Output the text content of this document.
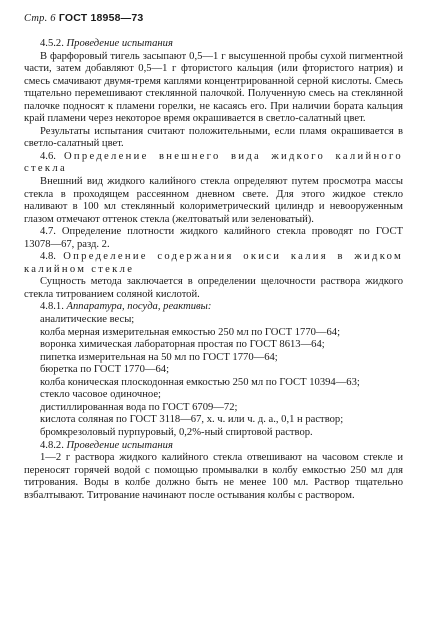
Стр. 6 ГОСТ 18958—73

4.5.2. Проведение испытания

В фарфоровый тигель засыпают 0,5—1 г высушенной пробы сухой пигментной части, затем добавляют 0,5—1 г фтористого кальция (или фтористого натрия) и смесь смачивают двумя-тремя каплями концентрированной серной кислоты. Смесь тщательно перемешивают стеклянной палочкой. Полученную смесь на стеклянной палочке подносят к пламени горелки, не касаясь его. При наличии бората кальция край пламени через некоторое время окрашивается в светло-салатный цвет.

Результаты испытания считают положительными, если пламя окрашивается в светло-салатный цвет.

4.6. Определение внешнего вида жидкого калийного стекла

Внешний вид жидкого калийного стекла определяют путем просмотра массы стекла в проходящем рассеянном дневном свете. Для этого жидкое стекло наливают в 100 мл стеклянный колориметрический цилиндр и невооруженным глазом отмечают оттенок стекла (желтоватый или зеленоватый).

4.7. Определение плотности жидкого калийного стекла проводят по ГОСТ 13078—67, разд. 2.

4.8. Определение содержания окиси калия в жидком калийном стекле

Сущность метода заключается в определении щелочности раствора жидкого стекла титрованием соляной кислотой.

4.8.1. Аппаратура, посуда, реактивы:

аналитические весы;

колба мерная измерительная емкостью 250 мл по ГОСТ 1770—64;

воронка химическая лабораторная простая по ГОСТ 8613—64;

пипетка измерительная на 50 мл по ГОСТ 1770—64;

бюретка по ГОСТ 1770—64;

колба коническая плоскодонная емкостью 250 мл по ГОСТ 10394—63;

стекло часовое одиночное;

дистиллированная вода по ГОСТ 6709—72;

кислота соляная по ГОСТ 3118—67, х. ч. или ч. д. а., 0,1 н раствор;

бромкрезоловый пурпуровый, 0,2%-ный спиртовой раствор.

4.8.2. Проведение испытания

1—2 г раствора жидкого калийного стекла отвешивают на часовом стекле и переносят горячей водой с помощью промывалки в колбу емкостью 250 мл для титрования. Воды в колбе должно быть не менее 100 мл. Раствор тщательно взбалтывают. Титрование начинают после остывания колбы с раствором.
